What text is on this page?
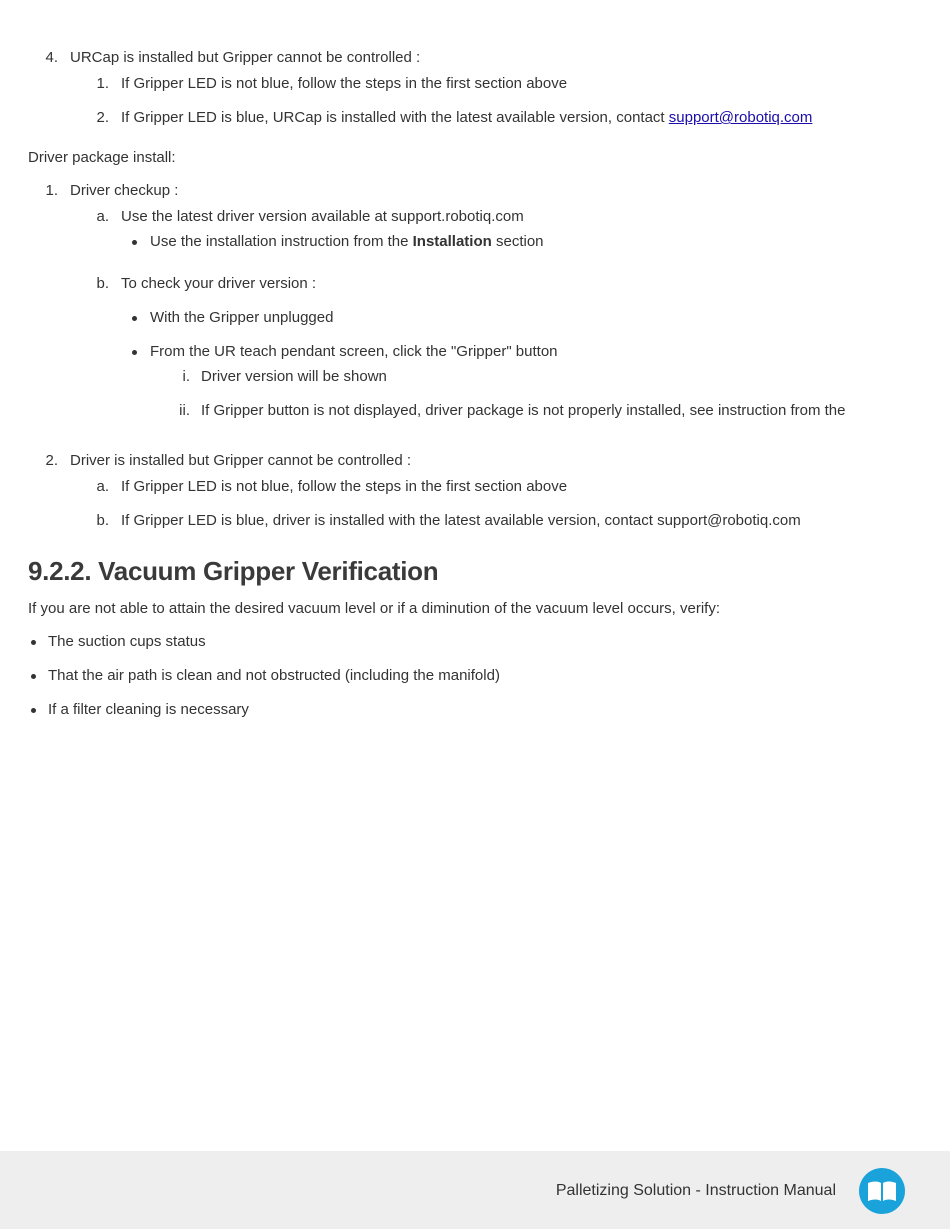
4. URCap is installed but Gripper cannot be controlled :
1. If Gripper LED is not blue, follow the steps in the first section above
2. If Gripper LED is blue, URCap is installed with the latest available version, contact support@robotiq.com
Driver package install:
1. Driver checkup :
a. Use the latest driver version available at support.robotiq.com
Use the installation instruction from the Installation section
b. To check your driver version :
With the Gripper unplugged
From the UR teach pendant screen, click the "Gripper" button
i. Driver version will be shown
ii. If Gripper button is not displayed, driver package is not properly installed, see instruction from the
2. Driver is installed but Gripper cannot be controlled :
a. If Gripper LED is not blue, follow the steps in the first section above
b. If Gripper LED is blue, driver is installed with the latest available version, contact support@robotiq.com
9.2.2. Vacuum Gripper Verification
If you are not able to attain the desired vacuum level or if a diminution of the vacuum level occurs, verify:
The suction cups status
That the air path is clean and not obstructed (including the manifold)
If a filter cleaning is necessary
Palletizing Solution - Instruction Manual
